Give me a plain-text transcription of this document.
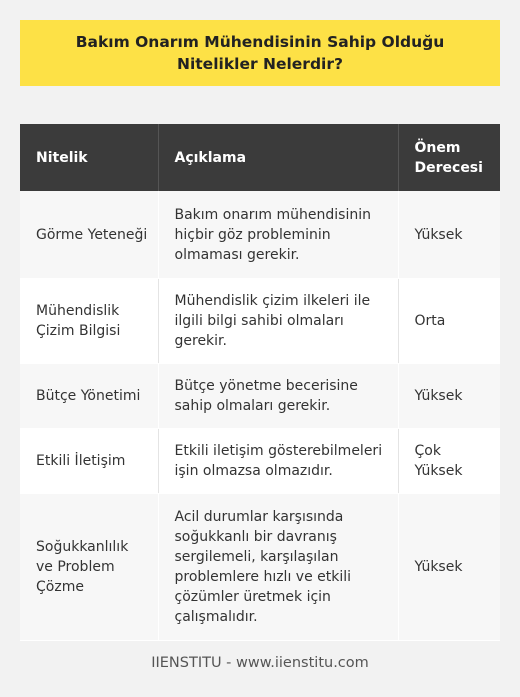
Bakım Onarım Mühendisinin Sahip Olduğu Nitelikler Nelerdir?
Nitelik	Açıklama	Önem Derecesi
Görme Yeteneği	Bakım onarım mühendisinin hiçbir göz probleminin olmaması gerekir.	Yüksek
Mühendislik Çizim Bilgisi	Mühendislik çizim ilkeleri ile ilgili bilgi sahibi olmaları gerekir.	Orta
Bütçe Yönetimi	Bütçe yönetme becerisine sahip olmaları gerekir.	Yüksek
Etkili İletişim	Etkili iletişim gösterebilmeleri işin olmazsa olmazıdır.	Çok Yüksek
Soğukkanlılık ve Problem Çözme	Acil durumlar karşısında soğukkanlı bir davranış sergilemeli, karşılaşılan problemlere hızlı ve etkili çözümler üretmek için çalışmalıdır.	Yüksek
IIENSTITU - www.iienstitu.com
